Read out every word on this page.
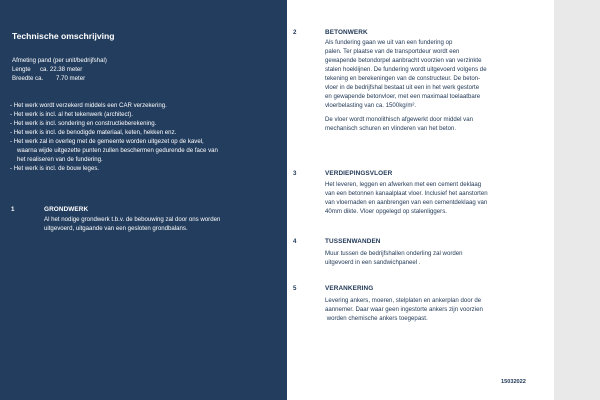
Technische omschrijving
Afmeting pand (per unit/bedrijfshal)
Lengte ca. 22.38 meter
Breedte ca. 7.70 meter
- Het werk wordt verzekerd middels een CAR verzekering.
- Het werk is incl. al het tekenwerk (architect).
- Het werk is incl. sondering en constructieberekening.
- Het werk is incl. de benodigde materiaal, keten, hekken enz.
- Het werk zal in overleg met de gemeente worden uitgezet op de kavel,
waarna wijde uitgezette punten zullen beschermen gedurende de face van
het realiseren van de fundering.
- Het werk is incl. de bouw leges.
1	GRONDWERK
Al het nodige grondwerk t.b.v. de bebouwing zal door ons worden
uitgevoerd, uitgaande van een gesloten grondbalans.
2	BETONWERK
Als fundering gaan we uit van een fundering op
palen. Ter plaatse van de transportdeur wordt een
gewapende betondorpel aanbracht voorzien van verzinkte
stalen hoeklijnen. De fundering wordt uitgevoerd volgens de
tekening en berekeningen van de constructeur. De beton-
vloer in de bedrijfshal bestaat uit een in het werk gestorte
en gewapende betonvloer, met een maximaal toelaatbare
vloerbelasting van ca. 1500kg/m².
De vloer wordt monolithisch afgewerkt door middel van
mechanisch schuren en vlinderen van het beton.
3	VERDIEPINGSVLOER
Het leveren, leggen en afwerken met een cement deklaag
van een betonnen kanaalplaat vloer. Inclusief het aanstorten
van vloernaden en aanbrengen van een cementdeklaag van
40mm dikte. Vloer opgelegd op stalenliggers.
4	TUSSENWANDEN
Muur tussen de bedrijfshallen onderling zal worden
uitgevoerd in een sandwichpaneel .
5	VERANKERING
Levering ankers, moeren, stelplaten en ankerplan door de
aannemer. Daar waar geen ingestorte ankers zijn voorzien
worden chemische ankers toegepast.
15032022
